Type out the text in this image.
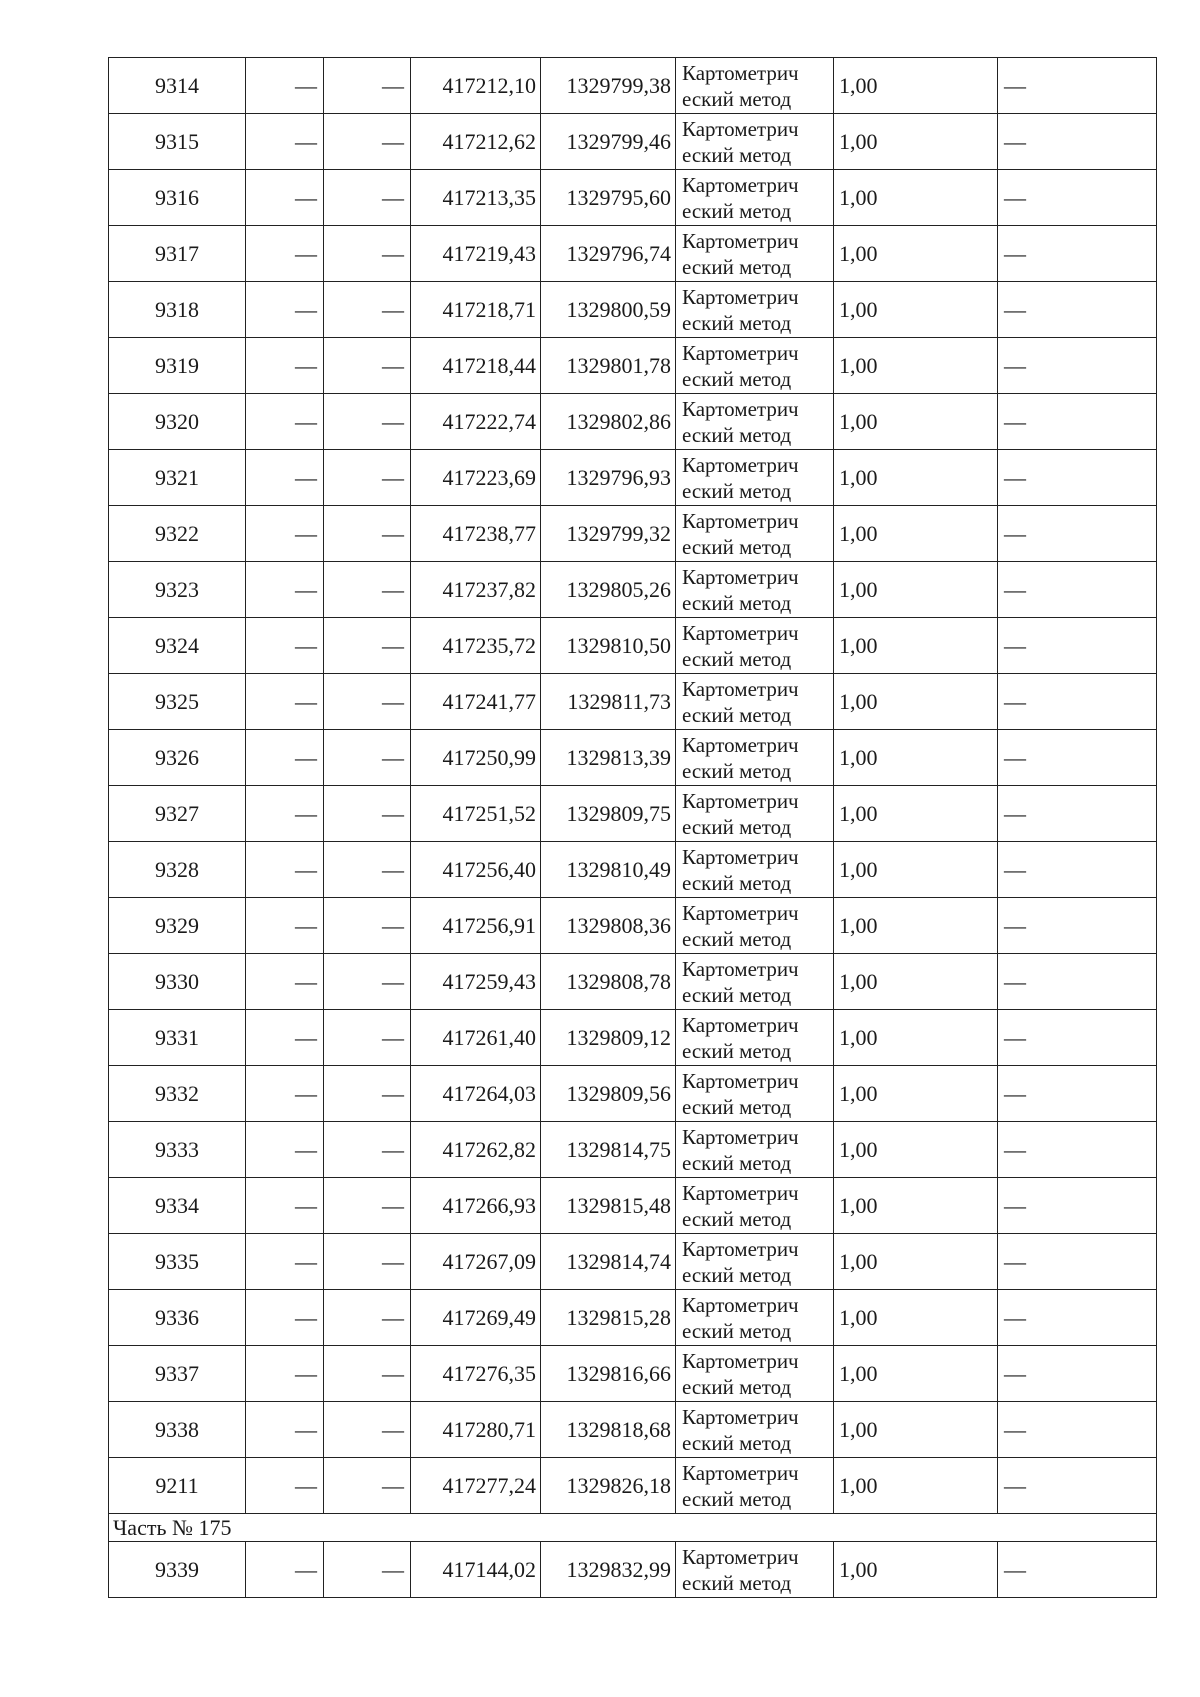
9314	—	—	417212,10	1329799,38	Картометрич
еский метод	1,00	—
9315	—	—	417212,62	1329799,46	Картометрич
еский метод	1,00	—
9316	—	—	417213,35	1329795,60	Картометрич
еский метод	1,00	—
9317	—	—	417219,43	1329796,74	Картометрич
еский метод	1,00	—
9318	—	—	417218,71	1329800,59	Картометрич
еский метод	1,00	—
9319	—	—	417218,44	1329801,78	Картометрич
еский метод	1,00	—
9320	—	—	417222,74	1329802,86	Картометрич
еский метод	1,00	—
9321	—	—	417223,69	1329796,93	Картометрич
еский метод	1,00	—
9322	—	—	417238,77	1329799,32	Картометрич
еский метод	1,00	—
9323	—	—	417237,82	1329805,26	Картометрич
еский метод	1,00	—
9324	—	—	417235,72	1329810,50	Картометрич
еский метод	1,00	—
9325	—	—	417241,77	1329811,73	Картометрич
еский метод	1,00	—
9326	—	—	417250,99	1329813,39	Картометрич
еский метод	1,00	—
9327	—	—	417251,52	1329809,75	Картометрич
еский метод	1,00	—
9328	—	—	417256,40	1329810,49	Картометрич
еский метод	1,00	—
9329	—	—	417256,91	1329808,36	Картометрич
еский метод	1,00	—
9330	—	—	417259,43	1329808,78	Картометрич
еский метод	1,00	—
9331	—	—	417261,40	1329809,12	Картометрич
еский метод	1,00	—
9332	—	—	417264,03	1329809,56	Картометрич
еский метод	1,00	—
9333	—	—	417262,82	1329814,75	Картометрич
еский метод	1,00	—
9334	—	—	417266,93	1329815,48	Картометрич
еский метод	1,00	—
9335	—	—	417267,09	1329814,74	Картометрич
еский метод	1,00	—
9336	—	—	417269,49	1329815,28	Картометрич
еский метод	1,00	—
9337	—	—	417276,35	1329816,66	Картометрич
еский метод	1,00	—
9338	—	—	417280,71	1329818,68	Картометрич
еский метод	1,00	—
9211	—	—	417277,24	1329826,18	Картометрич
еский метод	1,00	—
Часть № 175							
9339	—	—	417144,02	1329832,99	Картометрич
еский метод	1,00	—
